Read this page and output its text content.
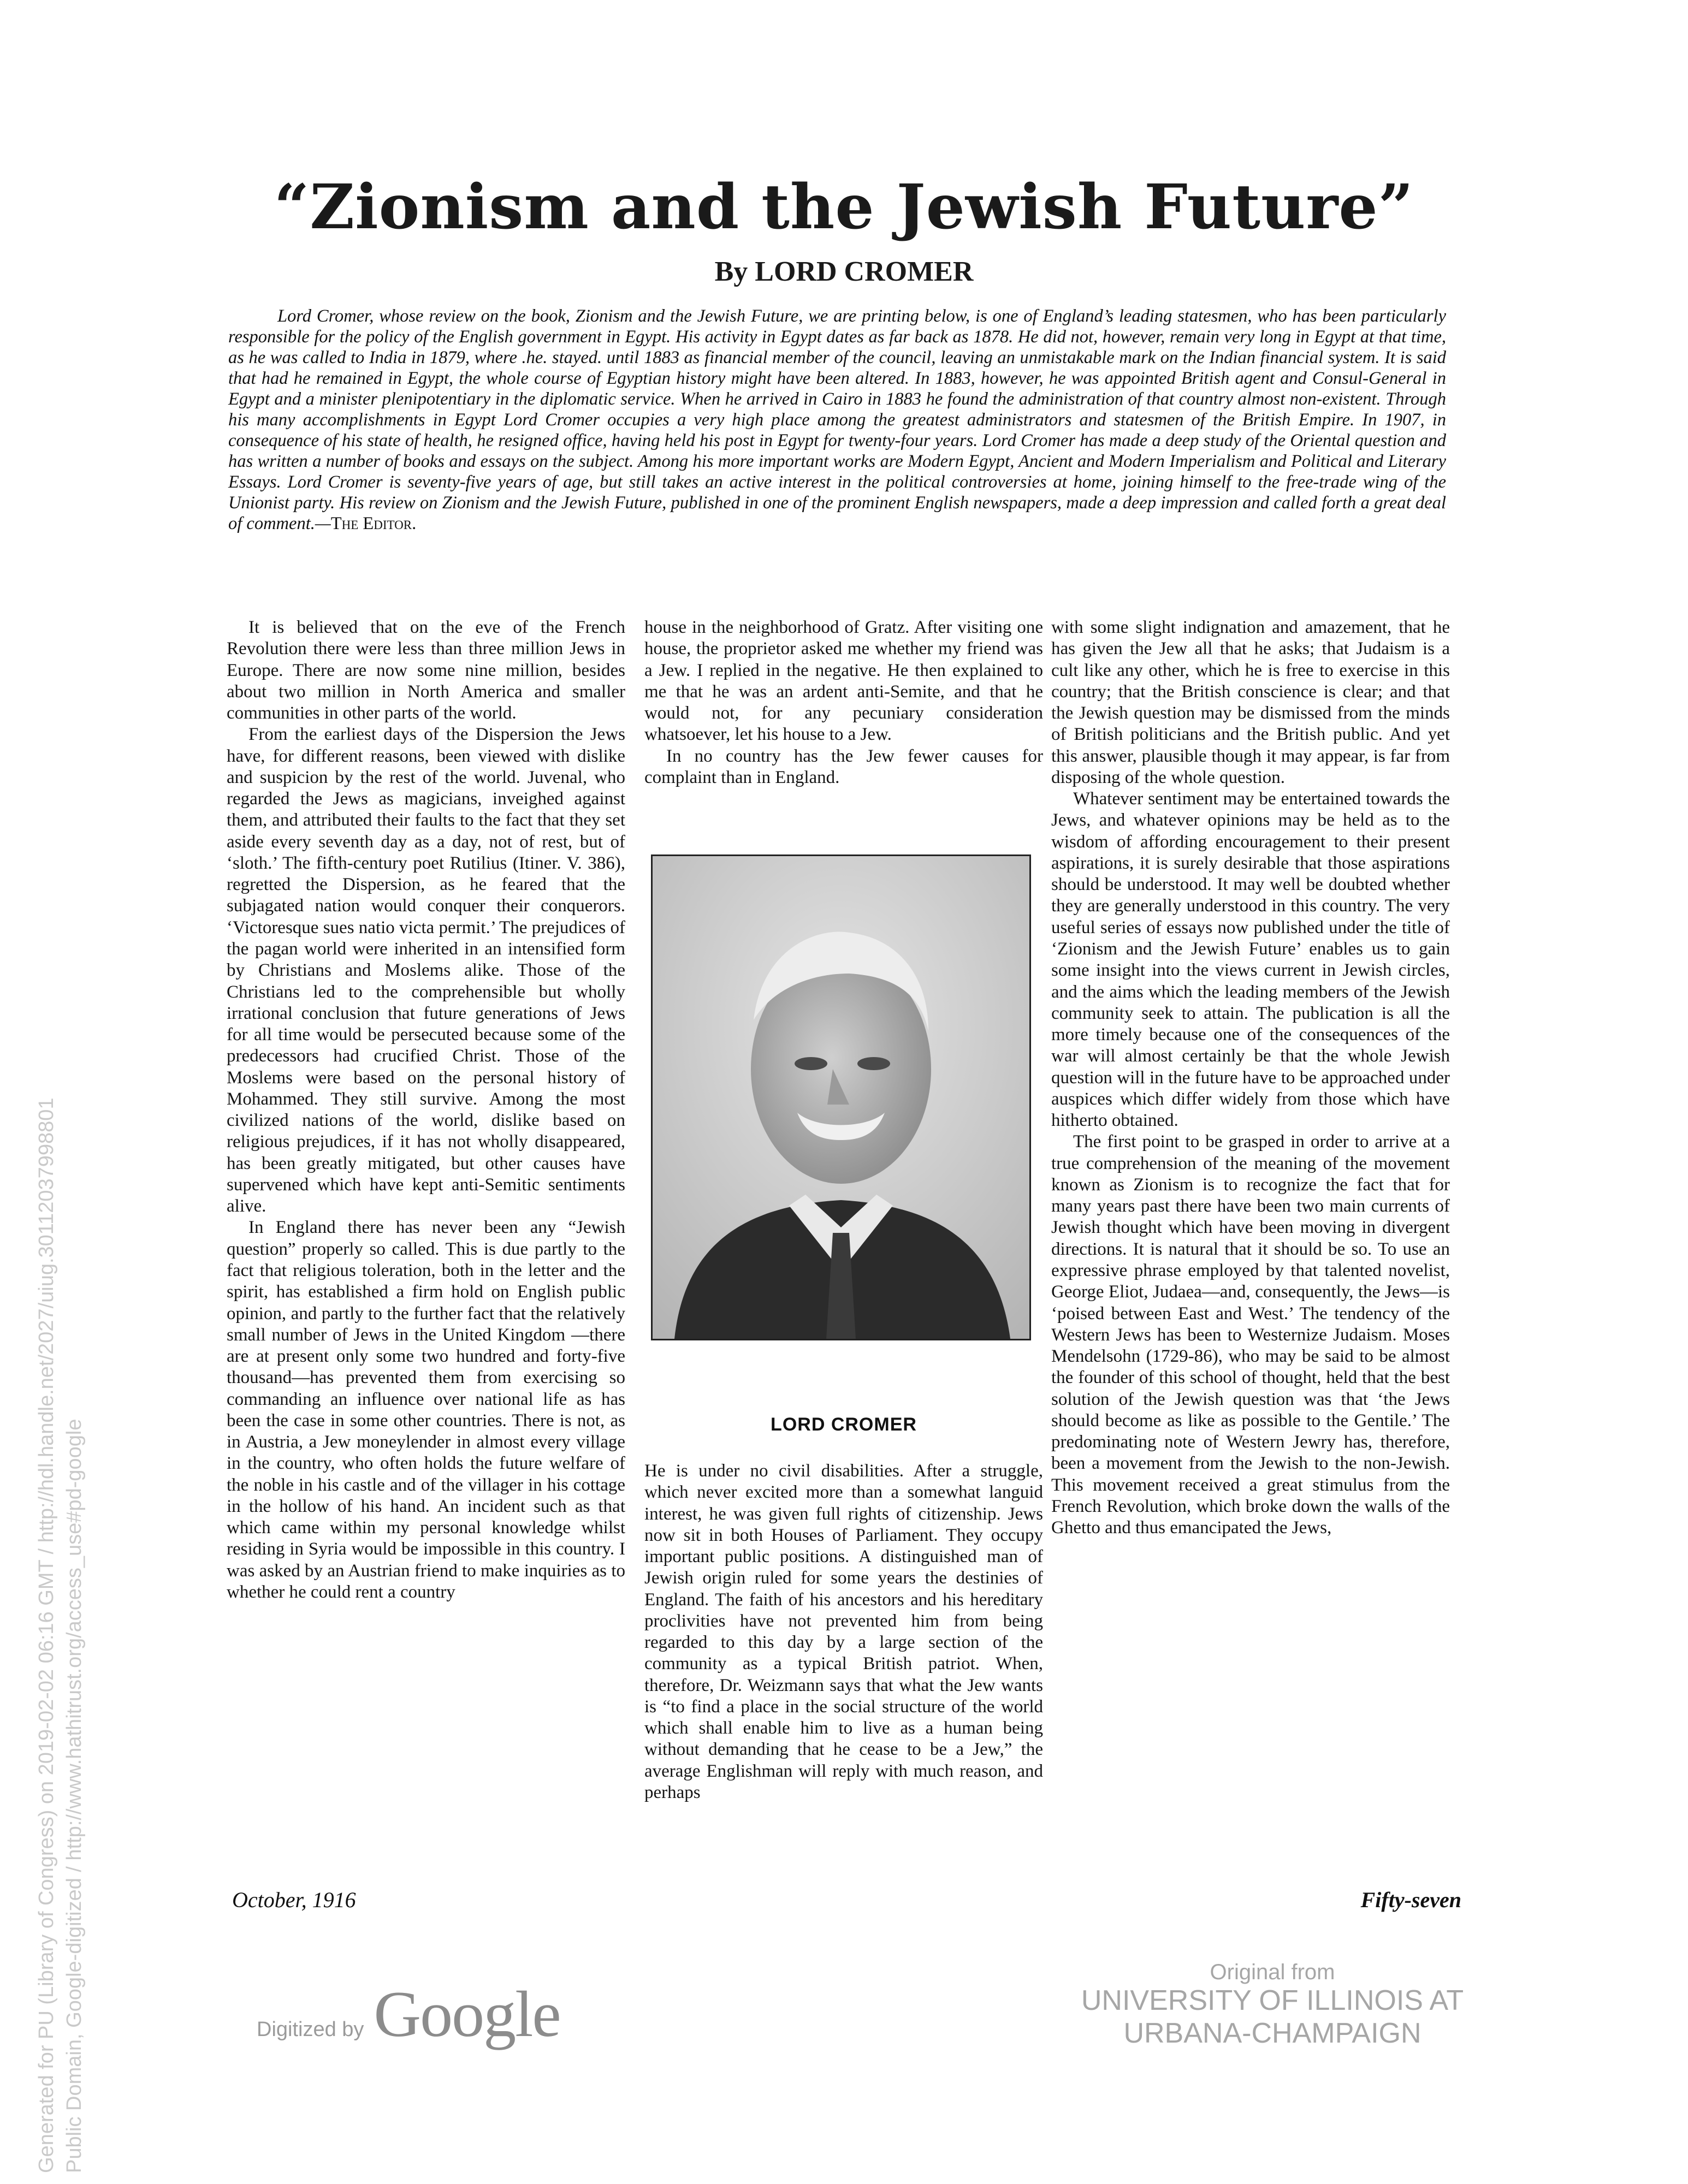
“Zionism and the Jewish Future”
By LORD CROMER
Lord Cromer, whose review on the book, Zionism and the Jewish Future, we are printing below, is one of England’s leading statesmen, who has been particularly responsible for the policy of the English government in Egypt. His activity in Egypt dates as far back as 1878. He did not, however, remain very long in Egypt at that time, as he was called to India in 1879, where .he. stayed. until 1883 as financial member of the council, leaving an unmistakable mark on the Indian financial system. It is said that had he remained in Egypt, the whole course of Egyptian history might have been altered. In 1883, however, he was appointed British agent and Consul-General in Egypt and a minister plenipotentiary in the diplomatic service. When he arrived in Cairo in 1883 he found the administration of that country almost non-existent. Through his many accomplishments in Egypt Lord Cromer occupies a very high place among the greatest administrators and statesmen of the British Empire. In 1907, in consequence of his state of health, he resigned office, having held his post in Egypt for twenty-four years. Lord Cromer has made a deep study of the Oriental question and has written a number of books and essays on the subject. Among his more important works are Modern Egypt, Ancient and Modern Imperialism and Political and Literary Essays. Lord Cromer is seventy-five years of age, but still takes an active interest in the political controversies at home, joining himself to the free-trade wing of the Unionist party. His review on Zionism and the Jewish Future, published in one of the prominent English newspapers, made a deep impression and called forth a great deal of comment.—The Editor.

It is believed that on the eve of the French Revolution there were less than three million Jews in Europe. There are now some nine million, besides about two million in North America and smaller communities in other parts of the world.

From the earliest days of the Dispersion the Jews have, for different reasons, been viewed with dislike and suspicion by the rest of the world. Juvenal, who regarded the Jews as magicians, inveighed against them, and attributed their faults to the fact that they set aside every seventh day as a day, not of rest, but of ‘sloth.’ The fifth-century poet Rutilius (Itiner. V. 386), regretted the Dispersion, as he feared that the subjagated nation would conquer their conquerors. ‘Victoresque sues natio victa permit.’ The prejudices of the pagan world were inherited in an intensified form by Christians and Moslems alike. Those of the Christians led to the comprehensible but wholly irrational conclusion that future generations of Jews for all time would be persecuted because some of the predecessors had crucified Christ. Those of the Moslems were based on the personal history of Mohammed. They still survive. Among the most civilized nations of the world, dislike based on religious prejudices, if it has not wholly disappeared, has been greatly mitigated, but other causes have supervened which have kept anti-Semitic sentiments alive.

In England there has never been any “Jewish question” properly so called. This is due partly to the fact that religious toleration, both in the letter and the spirit, has established a firm hold on English public opinion, and partly to the further fact that the relatively small number of Jews in the United Kingdom —there are at present only some two hundred and forty-five thousand—has prevented them from exercising so commanding an influence over national life as has been the case in some other countries. There is not, as in Austria, a Jew moneylender in almost every village in the country, who often holds the future welfare of the noble in his castle and of the villager in his cottage in the hollow of his hand. An incident such as that which came within my personal knowledge whilst residing in Syria would be impossible in this country. I was asked by an Austrian friend to make inquiries as to whether he could rent a country

house in the neighborhood of Gratz. After visiting one house, the proprietor asked me whether my friend was a Jew. I replied in the negative. He then explained to me that he was an ardent anti-Semite, and that he would not, for any pecuniary consideration whatsoever, let his house to a Jew.

In no country has the Jew fewer causes for complaint than in England.

LORD CROMER

He is under no civil disabilities. After a struggle, which never excited more than a somewhat languid interest, he was given full rights of citizenship. Jews now sit in both Houses of Parliament. They occupy important public positions. A distinguished man of Jewish origin ruled for some years the destinies of England. The faith of his ancestors and his hereditary proclivities have not prevented him from being regarded to this day by a large section of the community as a typical British patriot. When, therefore, Dr. Weizmann says that what the Jew wants is “to find a place in the social structure of the world which shall enable him to live as a human being without demanding that he cease to be a Jew,” the average Englishman will reply with much reason, and perhaps

with some slight indignation and amazement, that he has given the Jew all that he asks; that Judaism is a cult like any other, which he is free to exercise in this country; that the British conscience is clear; and that the Jewish question may be dismissed from the minds of British politicians and the British public. And yet this answer, plausible though it may appear, is far from disposing of the whole question.

Whatever sentiment may be entertained towards the Jews, and whatever opinions may be held as to the wisdom of affording encouragement to their present aspirations, it is surely desirable that those aspirations should be understood. It may well be doubted whether they are generally understood in this country. The very useful series of essays now published under the title of ‘Zionism and the Jewish Future’ enables us to gain some insight into the views current in Jewish circles, and the aims which the leading members of the Jewish community seek to attain. The publication is all the more timely because one of the consequences of the war will almost certainly be that the whole Jewish question will in the future have to be approached under auspices which differ widely from those which have hitherto obtained.

The first point to be grasped in order to arrive at a true comprehension of the meaning of the movement known as Zionism is to recognize the fact that for many years past there have been two main currents of Jewish thought which have been moving in divergent directions. It is natural that it should be so. To use an expressive phrase employed by that talented novelist, George Eliot, Judaea—and, consequently, the Jews—is ‘poised between East and West.’ The tendency of the Western Jews has been to Westernize Judaism. Moses Mendelsohn (1729-86), who may be said to be almost the founder of this school of thought, held that the best solution of the Jewish question was that ‘the Jews should become as like as possible to the Gentile.’ The predominating note of Western Jewry has, therefore, been a movement from the Jewish to the non-Jewish. This movement received a great stimulus from the French Revolution, which broke down the walls of the Ghetto and thus emancipated the Jews,

October, 1916	Fifty-seven
Generated for PU (Library of Congress) on 2019-02-02 06:16 GMT / http://hdl.handle.net/2027/uiug.30112037998801 Public Domain, Google-digitized / http://www.hathitrust.org/access_use#pd-google	Digitized by Google
Original from
UNIVERSITY OF ILLINOIS AT
URBANA-CHAMPAIGN
